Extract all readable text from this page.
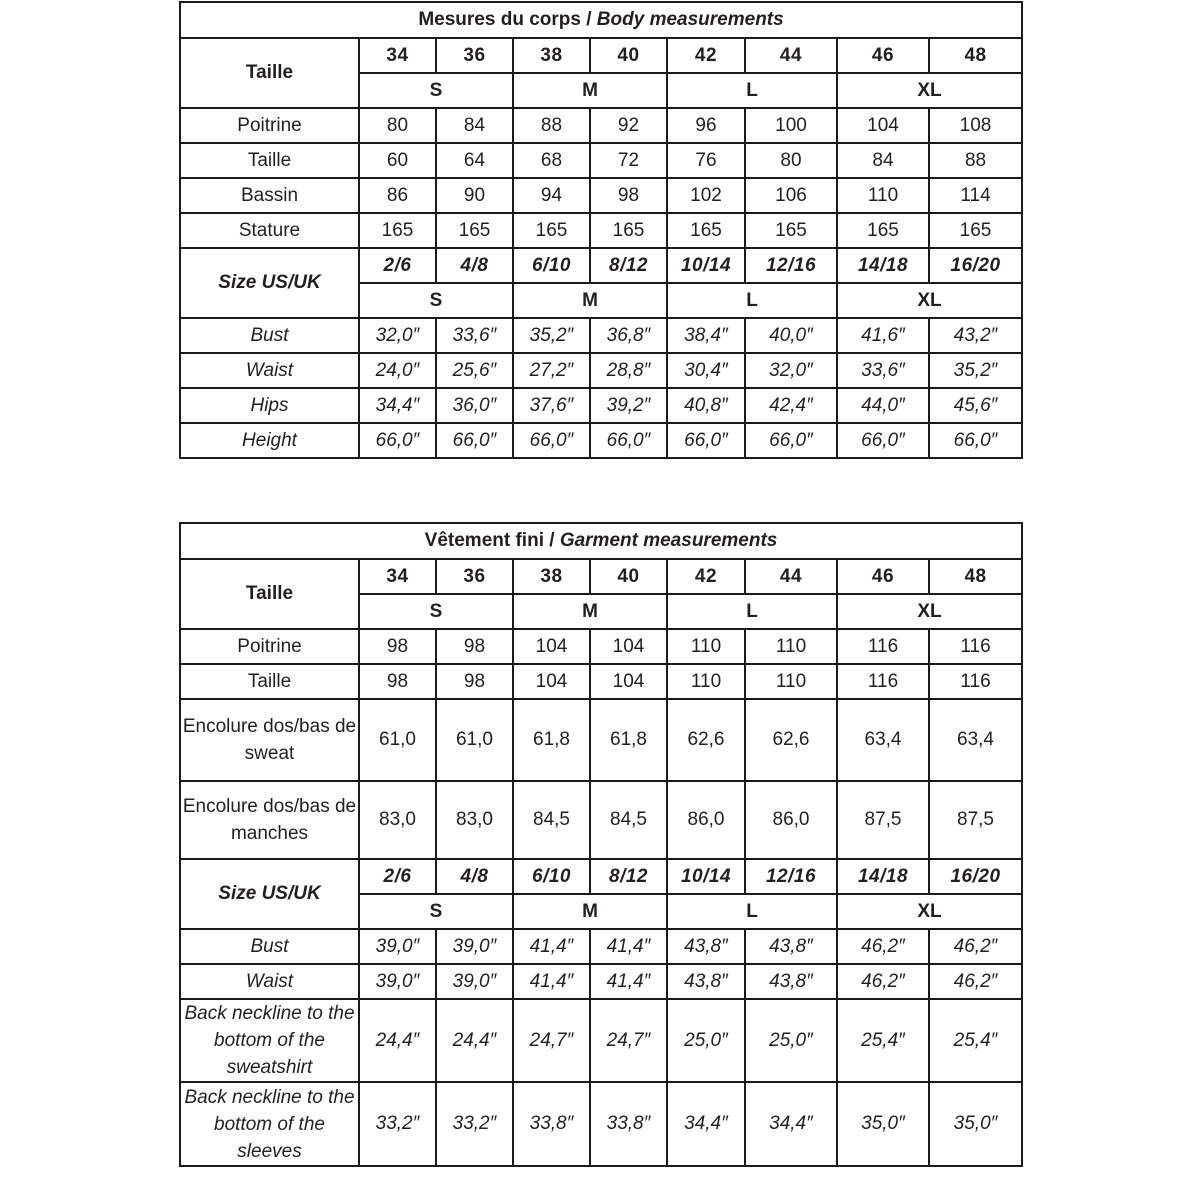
Mesures du corps / Body measurements								
Taille	34	36	38	40	42	44	46	48
	S		M		L		XL	
Poitrine	80	84	88	92	96	100	104	108
Taille	60	64	68	72	76	80	84	88
Bassin	86	90	94	98	102	106	110	114
Stature	165	165	165	165	165	165	165	165
Size US/UK	2/6	4/8	6/10	8/12	10/14	12/16	14/18	16/20
	S		M		L		XL	
Bust	32,0″	33,6″	35,2″	36,8″	38,4″	40,0″	41,6″	43,2″
Waist	24,0″	25,6″	27,2″	28,8″	30,4″	32,0″	33,6″	35,2″
Hips	34,4″	36,0″	37,6″	39,2″	40,8″	42,4″	44,0″	45,6″
Height	66,0″	66,0″	66,0″	66,0″	66,0″	66,0″	66,0″	66,0″
Vêtement fini / Garment measurements								
Taille	34	36	38	40	42	44	46	48
	S		M		L		XL	
Poitrine	98	98	104	104	110	110	116	116
Taille	98	98	104	104	110	110	116	116
Encolure dos/bas de sweat	61,0	61,0	61,8	61,8	62,6	62,6	63,4	63,4
Encolure dos/bas de manches	83,0	83,0	84,5	84,5	86,0	86,0	87,5	87,5
Size US/UK	2/6	4/8	6/10	8/12	10/14	12/16	14/18	16/20
	S		M		L		XL	
Bust	39,0″	39,0″	41,4″	41,4″	43,8″	43,8″	46,2″	46,2″
Waist	39,0″	39,0″	41,4″	41,4″	43,8″	43,8″	46,2″	46,2″
Back neckline to the bottom of the sweatshirt	24,4″	24,4″	24,7″	24,7″	25,0″	25,0″	25,4″	25,4″
Back neckline to the bottom of the sleeves	33,2″	33,2″	33,8″	33,8″	34,4″	34,4″	35,0″	35,0″
